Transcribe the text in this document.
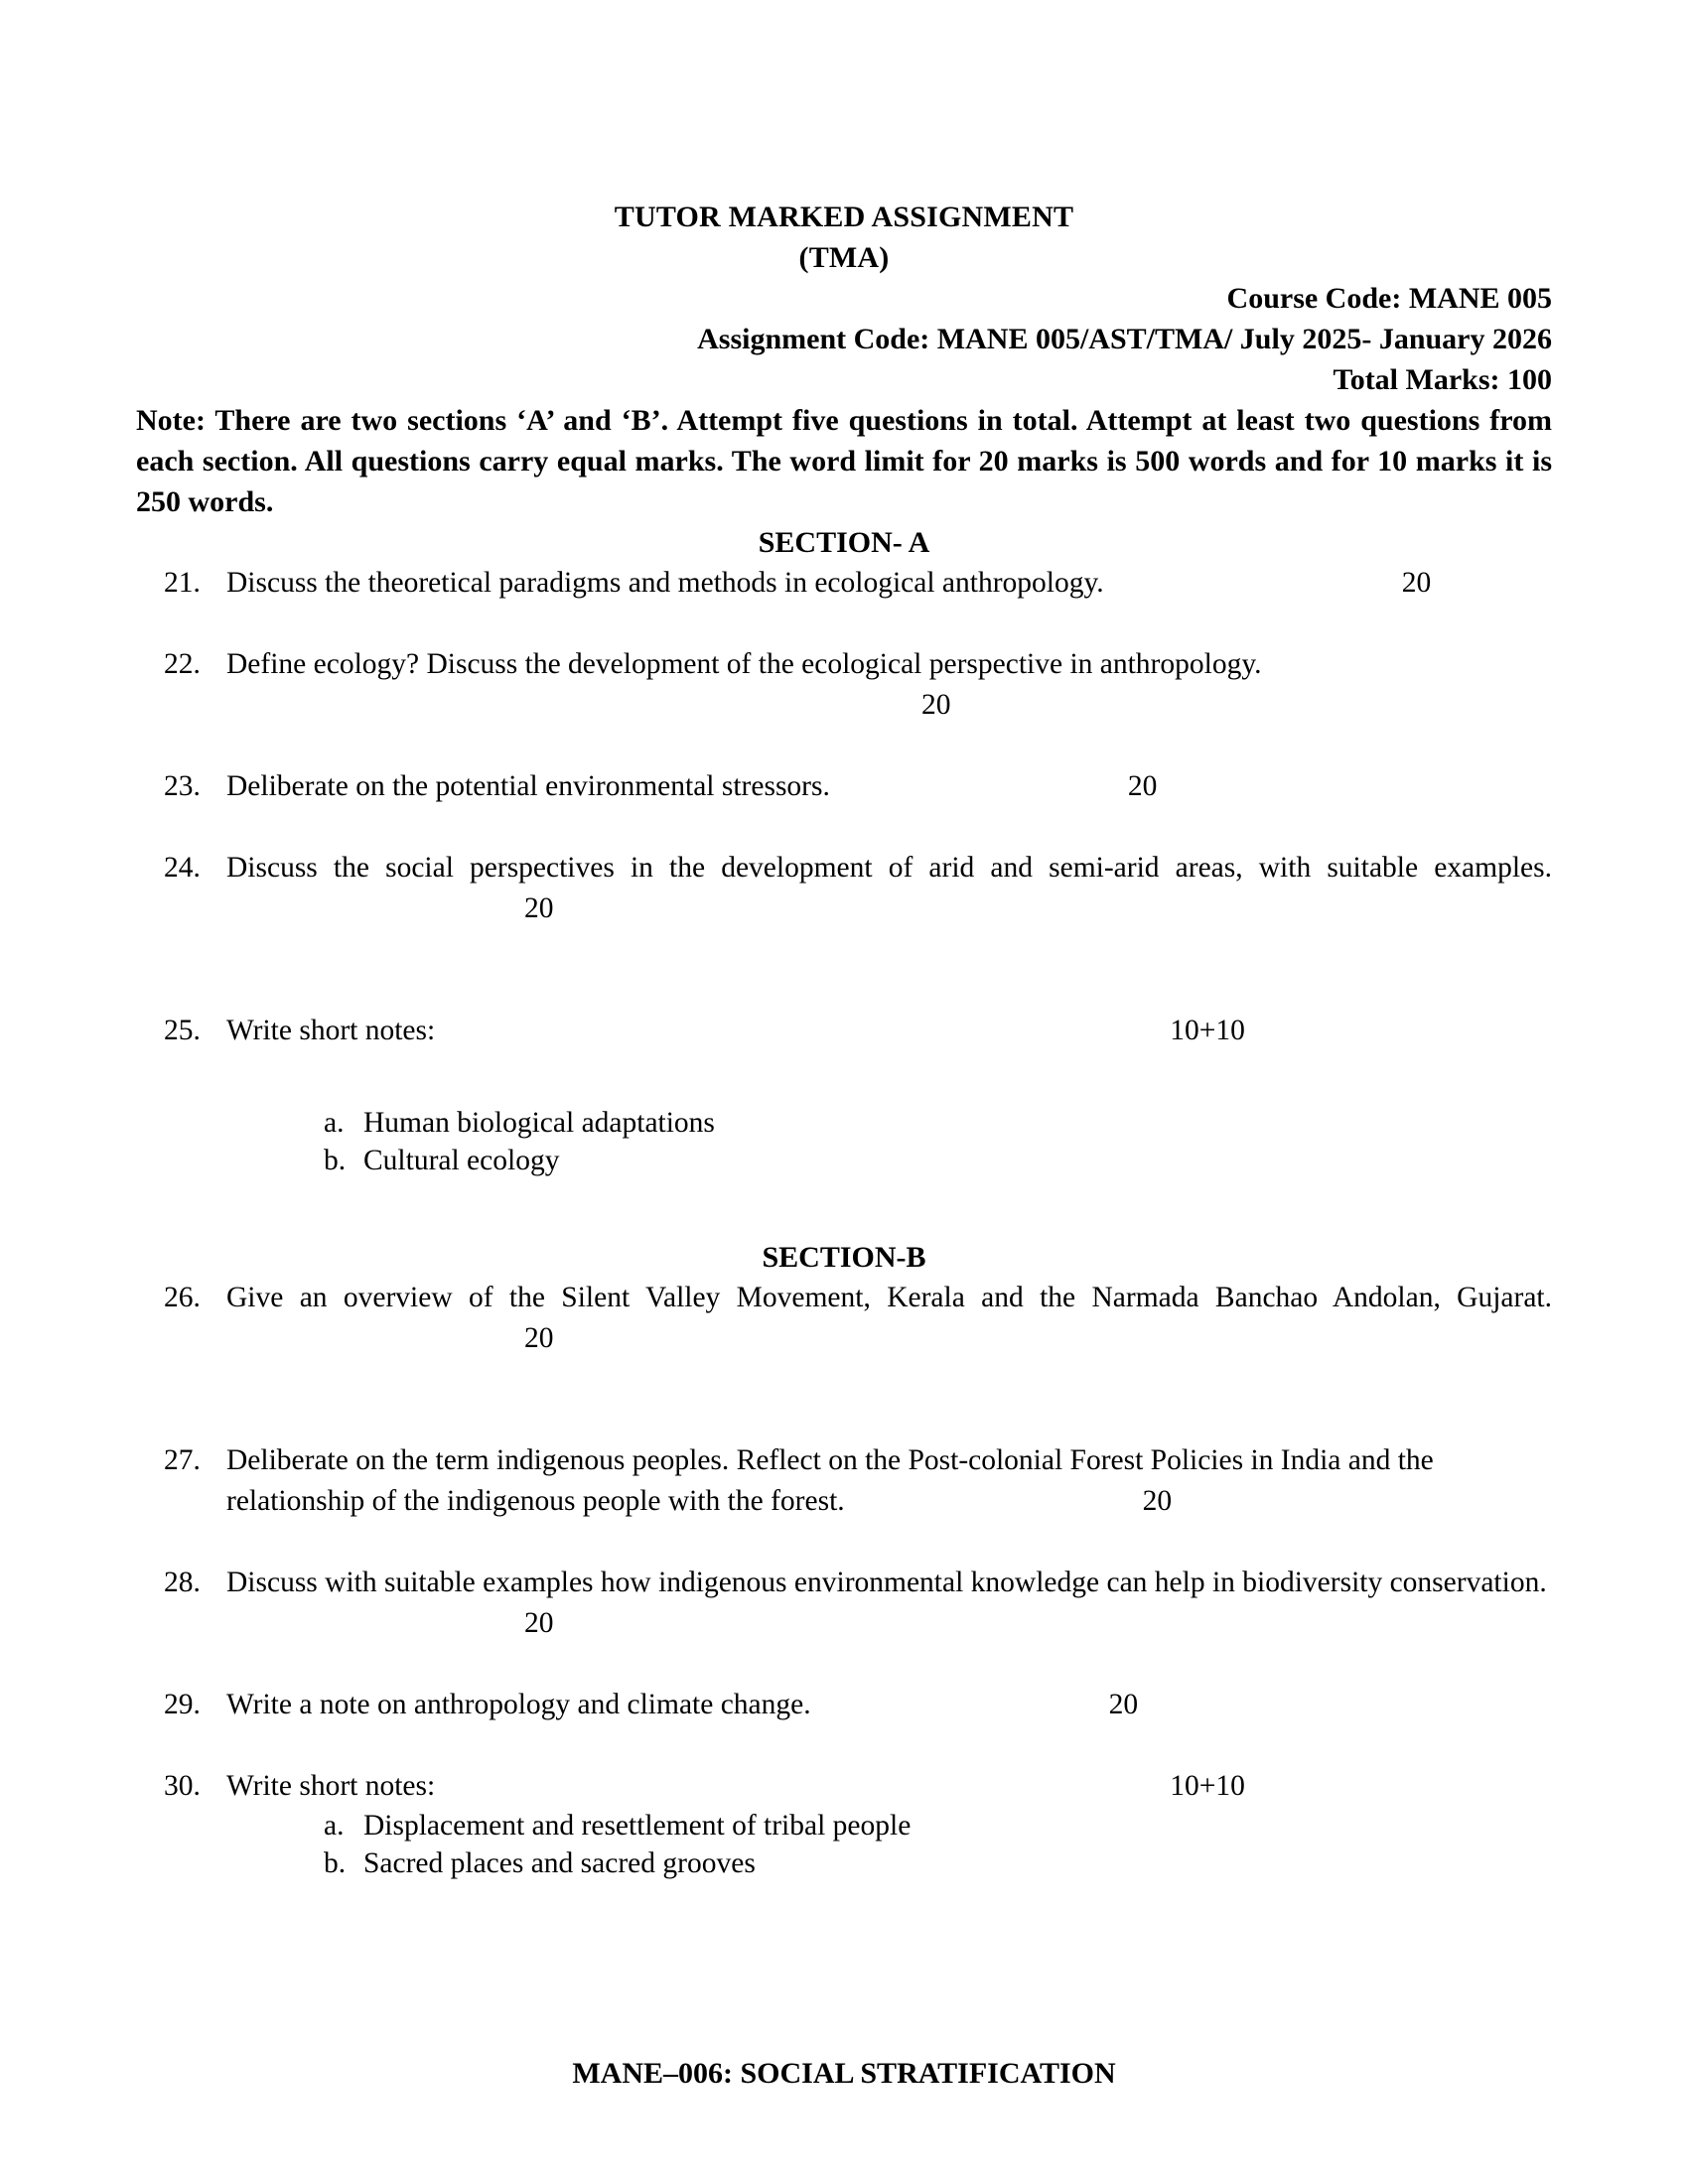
TUTOR MARKED ASSIGNMENT
(TMA)
Course Code: MANE 005
Assignment Code: MANE 005/AST/TMA/ July 2025- January 2026
Total Marks: 100
Note: There are two sections ‘A’ and ‘B’. Attempt five questions in total. Attempt at least two questions from each section. All questions carry equal marks. The word limit for 20 marks is 500 words and for 10 marks it is 250 words.
SECTION- A
21. Discuss the theoretical paradigms and methods in ecological anthropology.	20
22. Define ecology? Discuss the development of the ecological perspective in anthropology.
20
23. Deliberate on the potential environmental stressors.	20
24. Discuss the social perspectives in the development of arid and semi-arid areas, with suitable examples.20
25. Write short notes:	10+10
a. Human biological adaptations
b. Cultural ecology
SECTION-B
26. Give an overview of the Silent Valley Movement, Kerala and the Narmada Banchao Andolan, Gujarat.20
27. Deliberate on the term indigenous peoples. Reflect on the Post-colonial Forest Policies in India and the relationship of the indigenous people with the forest.	20
28. Discuss with suitable examples how indigenous environmental knowledge can help in biodiversity conservation.20
29. Write a note on anthropology and climate change.	20
30. Write short notes:	10+10
a. Displacement and resettlement of tribal people
b. Sacred places and sacred grooves
MANE–006: SOCIAL STRATIFICATION
